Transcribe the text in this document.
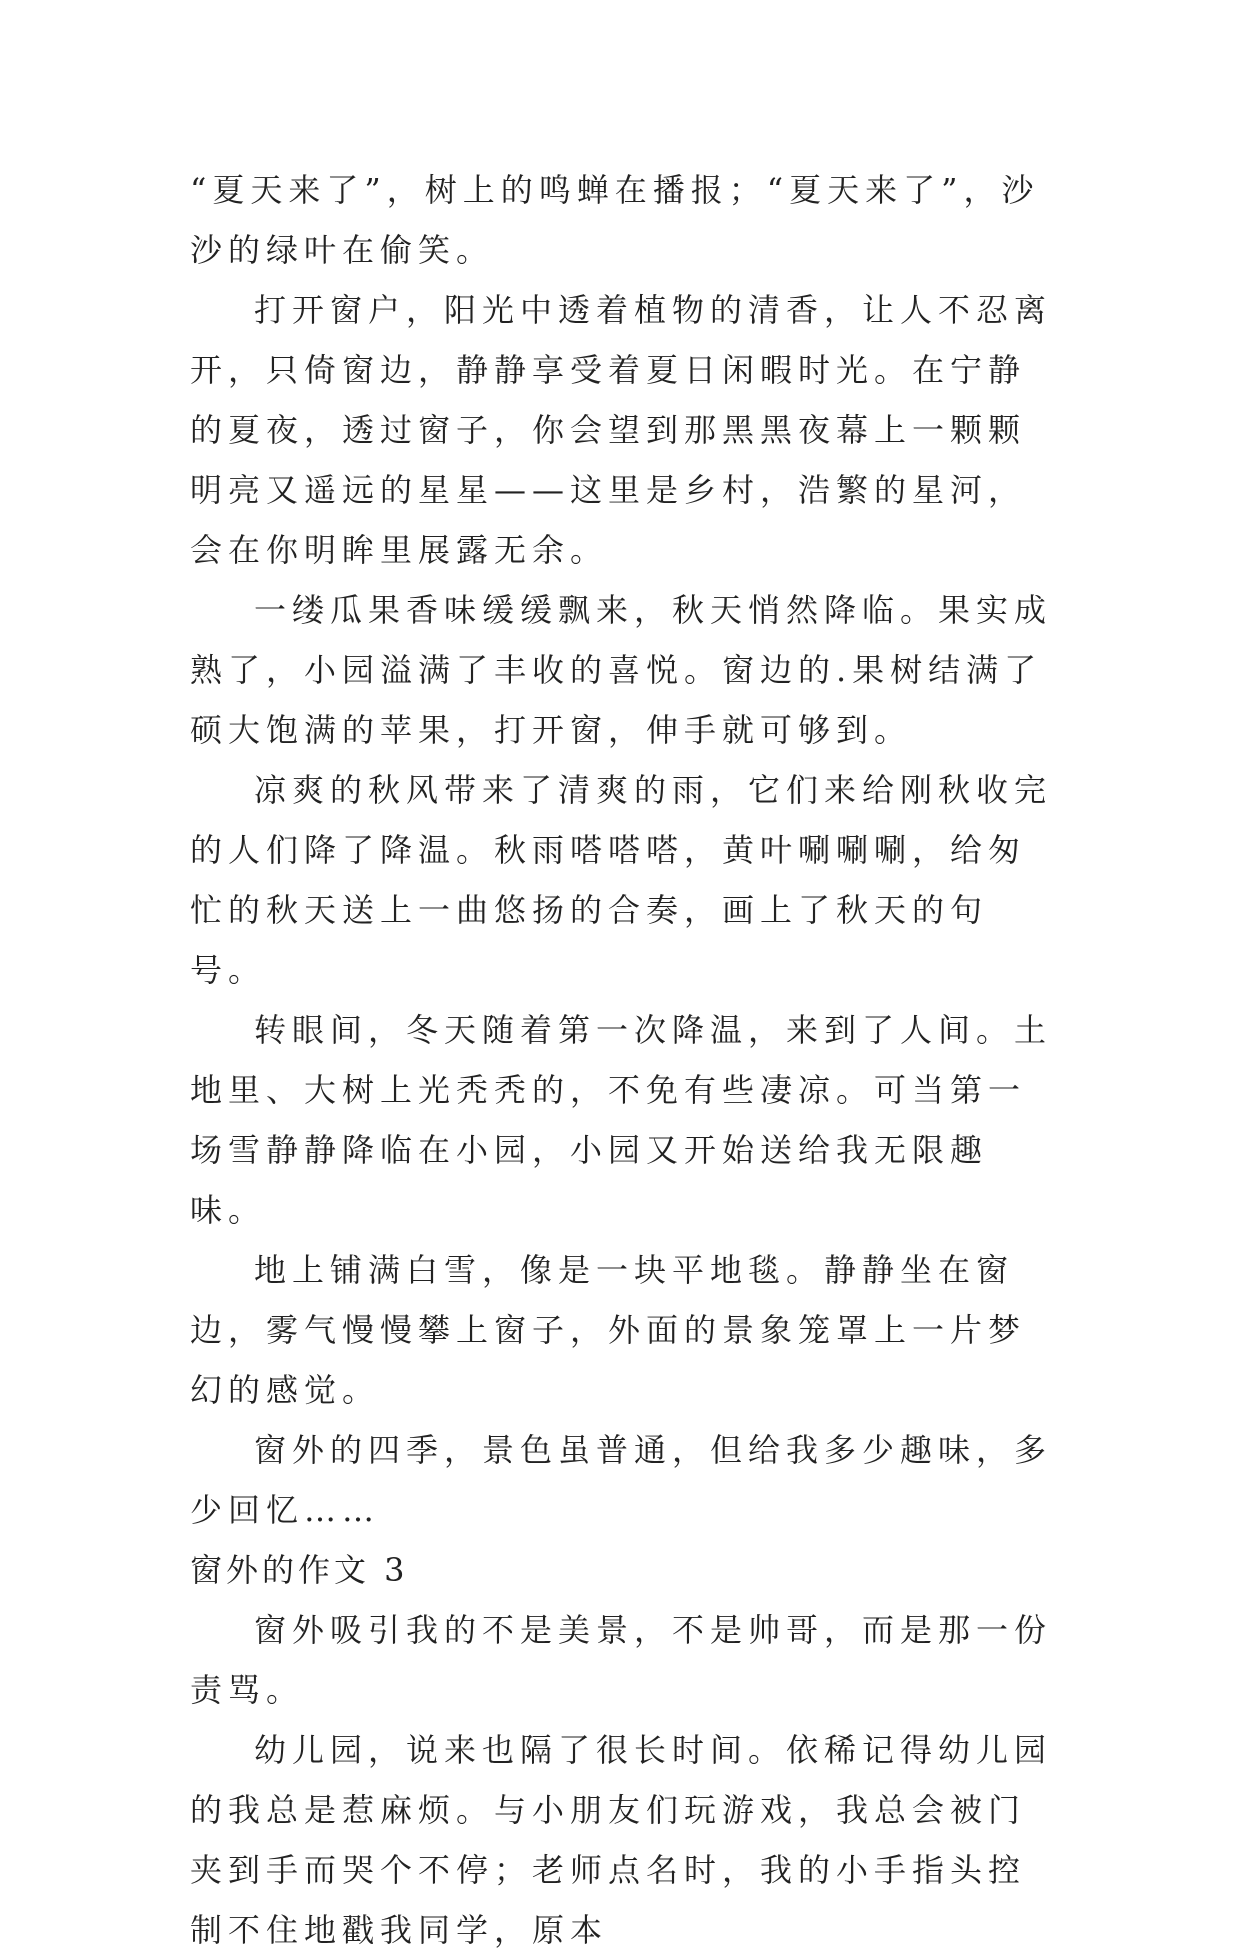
“夏天来了”，树上的鸣蝉在播报；“夏天来了”，沙沙的绿叶在偷笑。

打开窗户，阳光中透着植物的清香，让人不忍离开，只倚窗边，静静享受着夏日闲暇时光。在宁静的夏夜，透过窗子，你会望到那黑黑夜幕上一颗颗明亮又遥远的星星——这里是乡村，浩繁的星河，会在你明眸里展露无余。

一缕瓜果香味缓缓飘来，秋天悄然降临。果实成熟了，小园溢满了丰收的喜悦。窗边的.果树结满了硕大饱满的苹果，打开窗，伸手就可够到。

凉爽的秋风带来了清爽的雨，它们来给刚秋收完的人们降了降温。秋雨嗒嗒嗒，黄叶唰唰唰，给匆忙的秋天送上一曲悠扬的合奏，画上了秋天的句号。

转眼间，冬天随着第一次降温，来到了人间。土地里、大树上光秃秃的，不免有些凄凉。可当第一场雪静静降临在小园，小园又开始送给我无限趣味。

地上铺满白雪，像是一块平地毯。静静坐在窗边，雾气慢慢攀上窗子，外面的景象笼罩上一片梦幻的感觉。

窗外的四季，景色虽普通，但给我多少趣味，多少回忆……

窗外的作文 3

窗外吸引我的不是美景，不是帅哥，而是那一份责骂。

幼儿园，说来也隔了很长时间。依稀记得幼儿园的我总是惹麻烦。与小朋友们玩游戏，我总会被门夹到手而哭个不停；老师点名时，我的小手指头控制不住地戳我同学，原本
